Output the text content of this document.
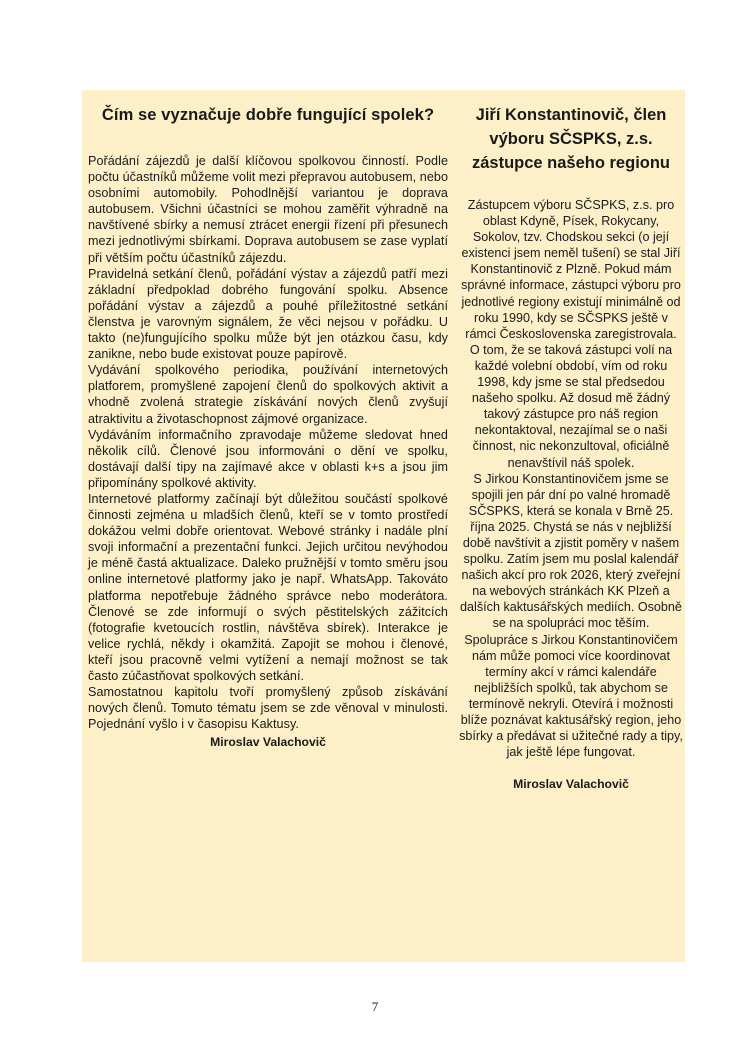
Čím se vyznačuje dobře fungující spolek?

Pořádání zájezdů je další klíčovou spolkovou činností. Podle počtu účastníků můžeme volit mezi přepravou autobusem, nebo osobními automobily. Pohodlnější variantou je doprava autobusem. Všichni účastníci se mohou zaměřit výhradně na navštívené sbírky a nemusí ztrácet energii řízení při přesunech mezi jednotlivými sbírkami. Doprava autobusem se zase vyplatí při větším počtu účastníků zájezdu.

Pravidelná setkání členů, pořádání výstav a zájezdů patří mezi základní předpoklad dobrého fungování spolku. Absence pořádání výstav a zájezdů a pouhé příležitostné setkání členstva je varovným signálem, že věci nejsou v pořádku. U takto (ne)fungujícího spolku může být jen otázkou času, kdy zanikne, nebo bude existovat pouze papírově.

Vydávání spolkového periodika, používání internetových platforem, promyšlené zapojení členů do spolkových aktivit a vhodně zvolená strategie získávání nových členů zvyšují atraktivitu a životaschopnost zájmové organizace.

Vydáváním informačního zpravodaje můžeme sledovat hned několik cílů. Členové jsou informováni o dění ve spolku, dostávají další tipy na zajímavé akce v oblasti k+s a jsou jim připomínány spolkové aktivity.

Internetové platformy začínají být důležitou součástí spolkové činnosti zejména u mladších členů, kteří se v tomto prostředí dokážou velmi dobře orientovat. Webové stránky i nadále plní svoji informační a prezentační funkci. Jejich určitou nevýhodou je méně častá aktualizace. Daleko pružnější v tomto směru jsou online internetové platformy jako je např. WhatsApp. Takováto platforma nepotřebuje žádného správce nebo moderátora. Členové se zde informují o svých pěstitelských zážitcích (fotografie kvetoucích rostlin, návštěva sbírek). Interakce je velice rychlá, někdy i okamžitá. Zapojit se mohou i členové, kteří jsou pracovně velmi vytížení a nemají možnost se tak často zúčastňovat spolkových setkání.

Samostatnou kapitolu tvoří promyšlený způsob získávání nových členů. Tomuto tématu jsem se zde věnoval v minulosti. Pojednání vyšlo i v časopisu Kaktusy.

Miroslav Valachovič
Jiří Konstantinovič, člen výboru SČSPKS, z.s. zástupce našeho regionu

Zástupcem výboru SČSPKS, z.s. pro oblast Kdyně, Písek, Rokycany, Sokolov, tzv. Chodskou sekci (o její existenci jsem neměl tušení) se stal Jiří Konstantinovič z Plzně. Pokud mám správné informace, zástupci výboru pro jednotlivé regiony existují minimálně od roku 1990, kdy se SČSPKS ještě v rámci Československa zaregistrovala.

O tom, že se taková zástupci volí na každé volební období, vím od roku 1998, kdy jsme se stal předsedou našeho spolku. Až dosud mě žádný takový zástupce pro náš region nekontaktoval, nezajímal se o naši činnost, nic nekonzultoval, oficiálně nenavštívil náš spolek.

S Jirkou Konstantinovičem jsme se spojili jen pár dní po valné hromadě SČSPKS, která se konala v Brně 25. října 2025. Chystá se nás v nejbližší době navštívit a zjistit poměry v našem spolku. Zatím jsem mu poslal kalendář našich akcí pro rok 2026, který zveřejní na webových stránkách KK Plzeň a dalších kaktusářských mediích. Osobně se na spolupráci moc těším.

Spolupráce s Jirkou Konstantinovičem nám může pomoci více koordinovat termíny akcí v rámci kalendáře nejbližších spolků, tak abychom se termínově nekryli. Otevírá i možnosti blíže poznávat kaktusářský region, jeho sbírky a předávat si užitečné rady a tipy, jak ještě lépe fungovat.

Miroslav Valachovič
7
